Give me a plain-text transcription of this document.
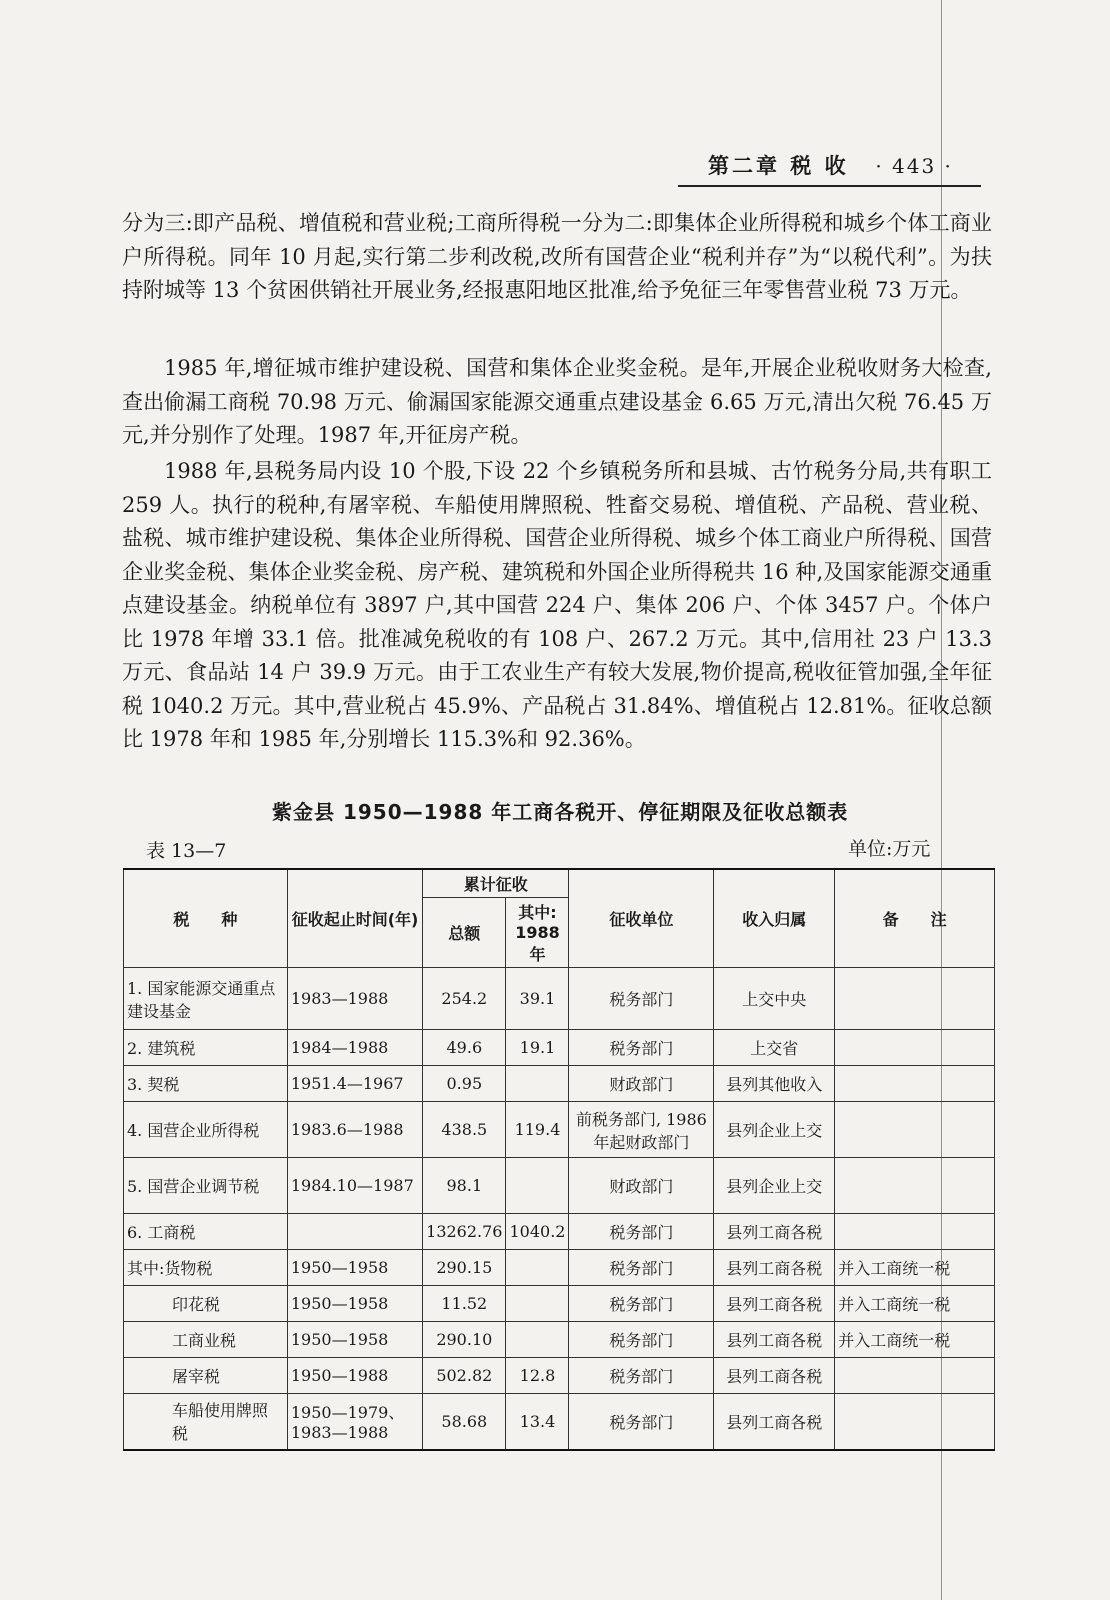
第二章 税 收 · 443 ·

分为三:即产品税、增值税和营业税;工商所得税一分为二:即集体企业所得税和城乡个体工商业户所得税。同年 10 月起,实行第二步利改税,改所有国营企业“税利并存”为“以税代利”。为扶持附城等 13 个贫困供销社开展业务,经报惠阳地区批准,给予免征三年零售营业税 73 万元。

1985 年,增征城市维护建设税、国营和集体企业奖金税。是年,开展企业税收财务大检查,查出偷漏工商税 70.98 万元、偷漏国家能源交通重点建设基金 6.65 万元,清出欠税 76.45 万元,并分别作了处理。1987 年,开征房产税。

1988 年,县税务局内设 10 个股,下设 22 个乡镇税务所和县城、古竹税务分局,共有职工 259 人。执行的税种,有屠宰税、车船使用牌照税、牲畜交易税、增值税、产品税、营业税、盐税、城市维护建设税、集体企业所得税、国营企业所得税、城乡个体工商业户所得税、国营企业奖金税、集体企业奖金税、房产税、建筑税和外国企业所得税共 16 种,及国家能源交通重点建设基金。纳税单位有 3897 户,其中国营 224 户、集体 206 户、个体 3457 户。个体户比 1978 年增 33.1 倍。批准减免税收的有 108 户、267.2 万元。其中,信用社 23 户 13.3 万元、食品站 14 户 39.9 万元。由于工农业生产有较大发展,物价提高,税收征管加强,全年征税 1040.2 万元。其中,营业税占 45.9%、产品税占 31.84%、增值税占 12.81%。征收总额比 1978 年和 1985 年,分别增长 115.3%和 92.36%。

紫金县 1950—1988 年工商各税开、停征期限及征收总额表
表 13—7	单位:万元
税　　种	征收起止时间(年)	累计征收		征收单位	收入归属	备　　注
		总额	其中: 1988年			
1. 国家能源交通重点建设基金	1983—1988	254.2	39.1	税务部门	上交中央	
2. 建筑税	1984—1988	49.6	19.1	税务部门	上交省	
3. 契税	1951.4—1967	0.95		财政部门	县列其他收入	
4. 国营企业所得税	1983.6—1988	438.5	119.4	前税务部门, 1986 年起财政部门	县列企业上交	
5. 国营企业调节税	1984.10—1987	98.1		财政部门	县列企业上交	
6. 工商税		13262.76	1040.2	税务部门	县列工商各税	
其中:货物税	1950—1958	290.15		税务部门	县列工商各税	并入工商统一税
印花税	1950—1958	11.52		税务部门	县列工商各税	并入工商统一税
工商业税	1950—1958	290.10		税务部门	县列工商各税	并入工商统一税
屠宰税	1950—1988	502.82	12.8	税务部门	县列工商各税	
车船使用牌照税	1950—1979、1983—1988	58.68	13.4	税务部门	县列工商各税	
